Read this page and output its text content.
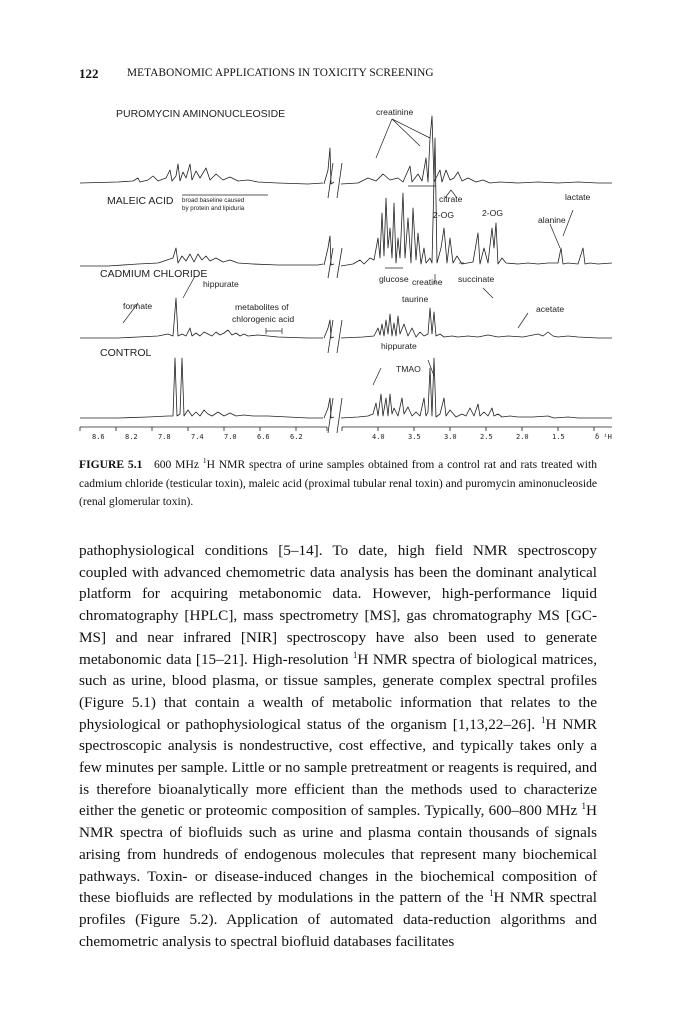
122	METABONOMIC APPLICATIONS IN TOXICITY SCREENING
8.6	8.2	7.8	7.4	7.0	6.6	6.2	4.0	3.5	3.0	2.5	2.0	1.5
PUROMYCIN AMINONUCLEOSIDE
MALEIC ACID
CADMIUM CHLORIDE
CONTROL
broad baseline caused
by protein and lipiduria
creatinine
citrate
2-OG	2-OG
lactate
alanine
hippurate
formate	metabolites of
chlorogenic acid
glucose creatine succinate
taurine
acetate
hippurate
TMAO
δ ¹H
FIGURE 5.1 600 MHz $^1$H NMR spectra of urine samples obtained from a control rat and rats treated with cadmium chloride (testicular toxin), maleic acid (proximal tubular renal toxin) and puromycin aminonucleoside (renal glomerular toxin).
pathophysiological conditions [5–14]. To date, high field NMR spectroscopy coupled with advanced chemometric data analysis has been the dominant analytical platform for acquiring metabonomic data. However, high-performance liquid chromatography [HPLC], mass spectrometry [MS], gas chromatography MS [GC-MS] and near infrared [NIR] spectroscopy have also been used to generate metabonomic data [15–21]. High-resolution $^1$H NMR spectra of biological matrices, such as urine, blood plasma, or tissue samples, generate complex spectral profiles (Figure 5.1) that contain a wealth of metabolic information that relates to the physiological or pathophysiological status of the organism [1,13,22–26]. $^1$H NMR spectroscopic analysis is nondestructive, cost effective, and typically takes only a few minutes per sample. Little or no sample pretreatment or reagents is required, and is therefore bioanalytically more efficient than the methods used to characterize either the genetic or proteomic composition of samples. Typically, 600–800 MHz $^1$H NMR spectra of biofluids such as urine and plasma contain thousands of signals arising from hundreds of endogenous molecules that represent many biochemical pathways. Toxin- or disease-induced changes in the biochemical composition of these biofluids are reflected by modulations in the pattern of the $^1$H NMR spectral profiles (Figure 5.2). Application of automated data-reduction algorithms and chemometric analysis to spectral biofluid databases facilitates
